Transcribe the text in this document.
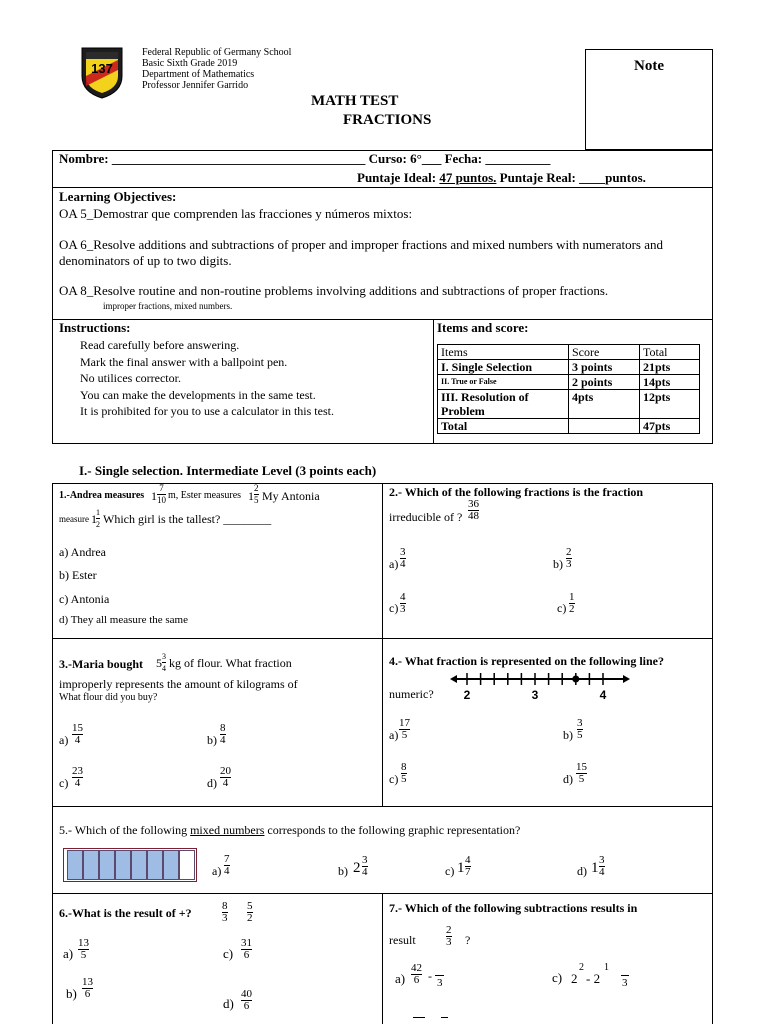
137
Federal Republic of Germany School
Basic Sixth Grade 2019
Department of Mathematics
Professor Jennifer Garrido
MATH TEST
FRACTIONS
Note
Nombre: _______________________________________ Curso: 6°___ Fecha: __________
Puntaje Ideal: 47 puntos. Puntaje Real: ____puntos.
Learning Objectives:
OA 5_Demostrar que comprenden las fracciones y números mixtos:
OA 6_Resolve additions and subtractions of proper and improper fractions and mixed numbers with numerators and
denominators of up to two digits.
OA 8_Resolve routine and non-routine problems involving additions and subtractions of proper fractions.
improper fractions, mixed numbers.
Instructions:
Read carefully before answering.
Mark the final answer with a ballpoint pen.
No utilices corrector.
You can make the developments in the same test.
It is prohibited for you to use a calculator in this test.
Items and score:
Items	Score	Total
I. Single Selection	3 points	21pts
II. True or False	2 points	14pts
III. Resolution of Problem	4pts	12pts
Total		47pts
I.- Single selection. Intermediate Level (3 points each)
1.-Andrea measures $1 \frac{7}{10} m$, Ester measures $1 \frac{2}{5}$ My Antonia
measure $1 \frac{1}{2}$ Which girl is the tallest? ________
a) Andrea
b) Ester
c) Antonia
d) They all measure the same
2.- Which of the following fractions is the fraction
irreducible of ? $\frac{36}{48}$
$a) \frac{3}{4}$	$b) \frac{2}{3}$
$c) \frac{4}{3}$	$c) \frac{1}{2}$
3.-Maria bought $5 \frac{3}{4}$ kg of flour. What fraction
improperly represents the amount of kilograms of
What flour did you buy?
$a) \frac{15}{4}$	$b) \frac{8}{4}$
$c) \frac{23}{4}$	$d) \frac{20}{4}$
4.- What fraction is represented on the following line?
numeric?	2	3	4
$a) \frac{17}{5}$	$b) \frac{3}{5}$
$c) \frac{8}{5}$	$d) \frac{15}{5}$
5.- Which of the following mixed numbers corresponds to the following graphic representation?
$a) \frac{7}{4}$	b) $2 \frac{3}{4}$	c) $1 \frac{4}{7}$	d) $1 \frac{3}{4}$
6.-What is the result of +?	$\frac{8}{3} \frac{5}{2}$
$a) \frac{13}{5}$	$c) \frac{31}{6}$
$b) \frac{13}{6}$
$d) \frac{40}{6}$
7.- Which of the following subtractions results in
result	$\frac{2}{3}$ ?
$a) \frac{42}{6} - 3$	c) 2
2
- 2
1
3
